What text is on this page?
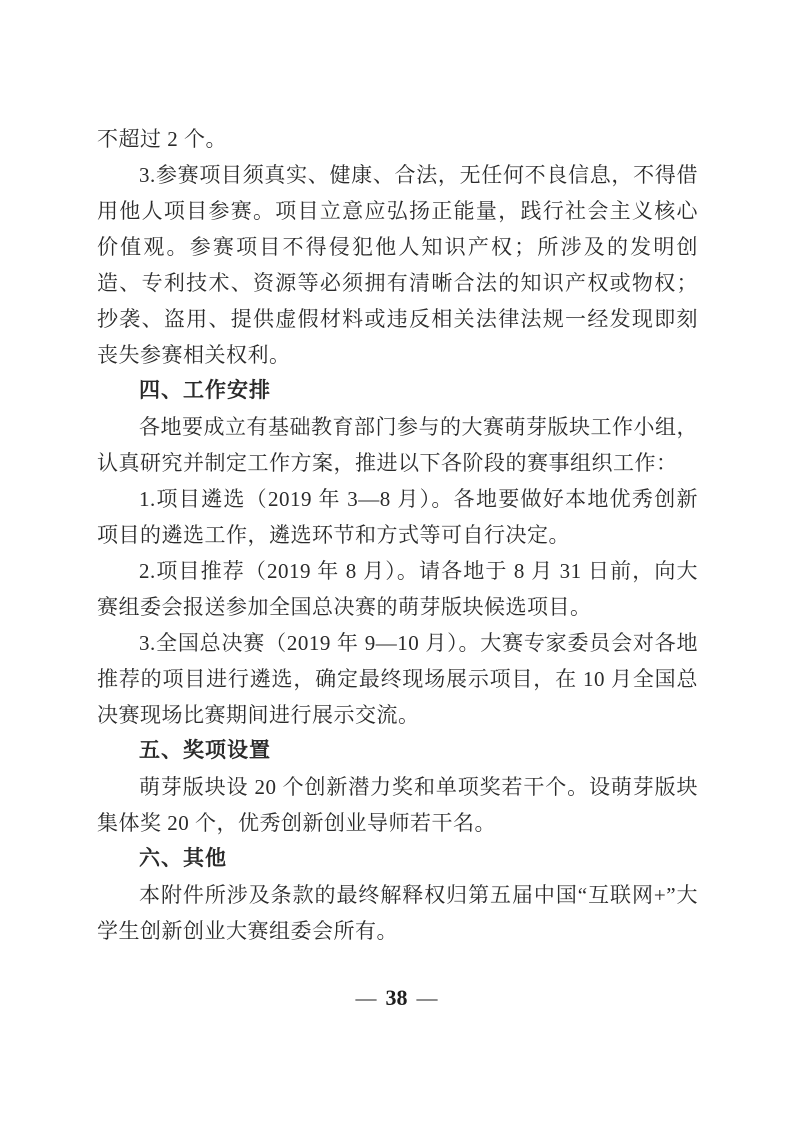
不超过 2 个。

3.参赛项目须真实、健康、合法，无任何不良信息，不得借用他人项目参赛。项目立意应弘扬正能量，践行社会主义核心价值观。参赛项目不得侵犯他人知识产权；所涉及的发明创造、专利技术、资源等必须拥有清晰合法的知识产权或物权；抄袭、盗用、提供虚假材料或违反相关法律法规一经发现即刻丧失参赛相关权利。

四、工作安排

各地要成立有基础教育部门参与的大赛萌芽版块工作小组，认真研究并制定工作方案，推进以下各阶段的赛事组织工作：

1.项目遴选（2019 年 3—8 月）。各地要做好本地优秀创新项目的遴选工作，遴选环节和方式等可自行决定。

2.项目推荐（2019 年 8 月）。请各地于 8 月 31 日前，向大赛组委会报送参加全国总决赛的萌芽版块候选项目。

3.全国总决赛（2019 年 9—10 月）。大赛专家委员会对各地推荐的项目进行遴选，确定最终现场展示项目，在 10 月全国总决赛现场比赛期间进行展示交流。

五、奖项设置

萌芽版块设 20 个创新潜力奖和单项奖若干个。设萌芽版块集体奖 20 个，优秀创新创业导师若干名。

六、其他

本附件所涉及条款的最终解释权归第五届中国“互联网+”大学生创新创业大赛组委会所有。

— 38 —
